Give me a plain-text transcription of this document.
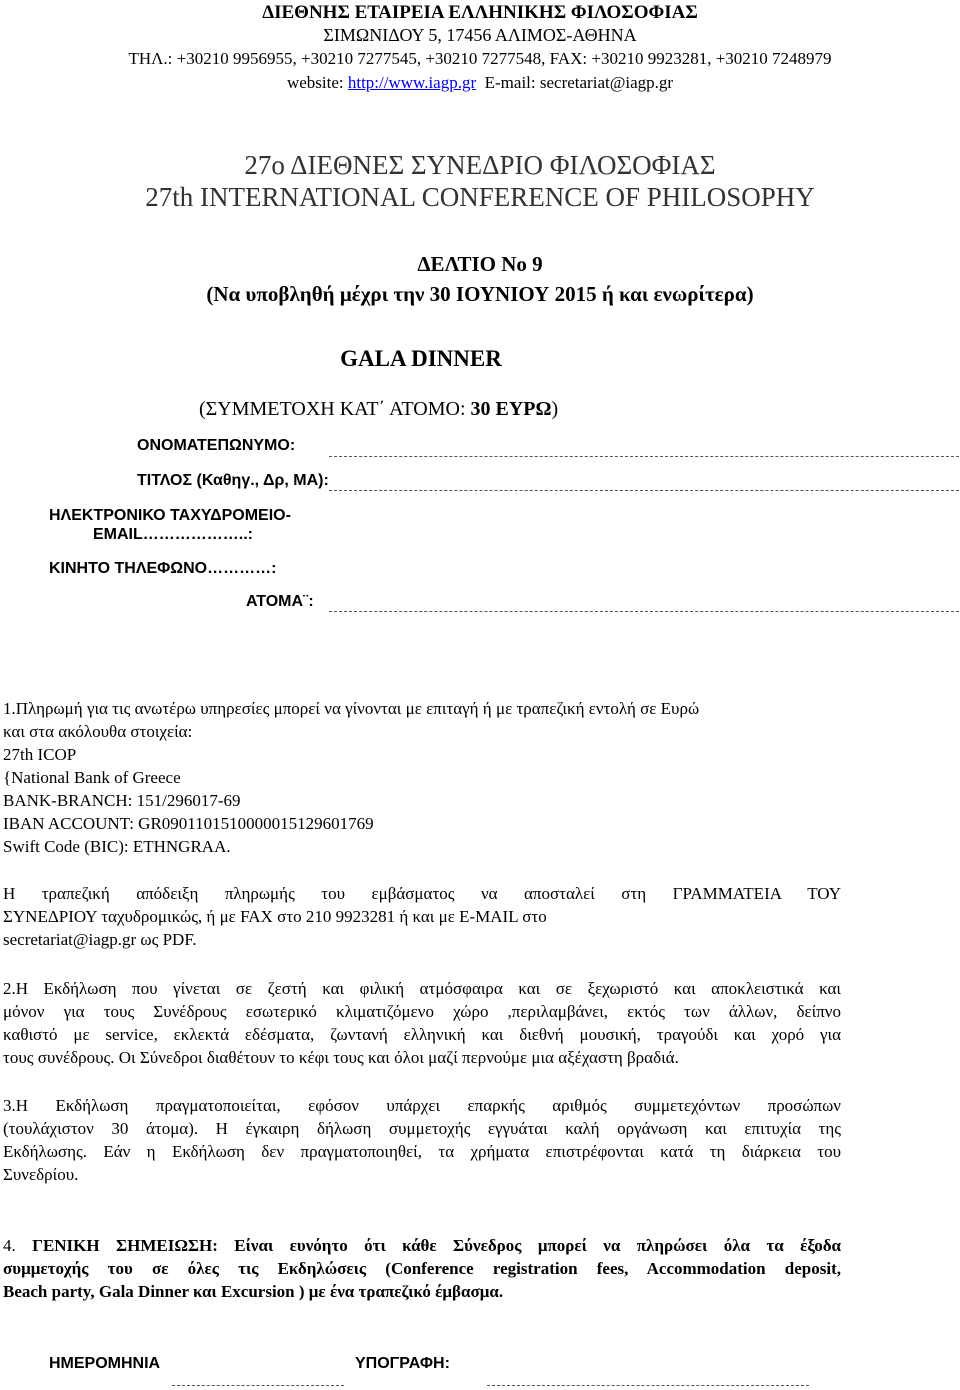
ΔΙΕΘΝΗΣ ΕΤΑΙΡΕΙΑ ΕΛΛΗΝΙΚΗΣ ΦΙΛΟΣΟΦΙΑΣ
ΣΙΜΩΝΙΔΟΥ 5, 17456 ΑΛΙΜΟΣ-ΑΘΗΝΑ
ΤΗΛ.: +30210 9956955, +30210 7277545, +30210 7277548, FAX: +30210 9923281, +30210 7248979
website: http://www.iagp.gr E-mail: secretariat@iagp.gr
27ο ΔΙΕΘΝΕΣ ΣΥΝΕΔΡΙΟ ΦΙΛΟΣΟΦΙΑΣ
27th INTERNATIONAL CONFERENCE OF PHILOSOPHY
ΔΕΛΤΙΟ No 9
(Να υποβληθή μέχρι την 30 ΙΟΥΝΙΟΥ 2015 ή και ενωρίτερα)
GALA DINNER
(ΣΥΜΜΕΤΟΧΗ ΚΑΤ΄ ΑΤΟΜΟ: 30 ΕΥΡΩ)
ΟΝΟΜΑΤΕΠΩΝΥΜΟ:
ΤΙΤΛΟΣ (Καθηγ., Δρ, ΜΑ):
ΗΛΕΚΤΡΟΝΙΚΟ ΤΑΧΥΔΡΟΜΕΙΟ-
EMAIL………………..:
ΚΙΝΗΤΟ ΤΗΛΕΦΩΝΟ…………:
ΑΤΟΜΑ¨:
1.Πληρωμή για τις ανωτέρω υπηρεσίες μπορεί να γίνονται με επιταγή ή με τραπεζική εντολή σε Ευρώ
και στα ακόλουθα στοιχεία:
27th ICOP
{National Bank of Greece
BANK-BRANCH: 151/296017-69
IBAN ACCOUNT: GR0901101510000015129601769
Swift Code (BIC): ETHNGRAA.
Η τραπεζική απόδειξη πληρωμής του εμβάσματος να αποσταλεί στη ΓΡΑΜΜΑΤΕΙΑ ΤΟΥ
ΣΥΝΕΔΡΙΟΥ ταχυδρομικώς, ή με FAX στο 210 9923281 ή και με E-MAIL στο
secretariat@iagp.gr ως PDF.
2.Η Εκδήλωση που γίνεται σε ζεστή και φιλική ατμόσφαιρα και σε ξεχωριστό και αποκλειστικά και
μόνον για τους Συνέδρους εσωτερικό κλιματιζόμενο χώρο ,περιλαμβάνει, εκτός των άλλων, δείπνο
καθιστό με service, εκλεκτά εδέσματα, ζωντανή ελληνική και διεθνή μουσική, τραγούδι και χορό για
τους συνέδρους. Οι Σύνεδροι διαθέτουν το κέφι τους και όλοι μαζί περνούμε μια αξέχαστη βραδιά.
3.Η Εκδήλωση πραγματοποιείται, εφόσον υπάρχει επαρκής αριθμός συμμετεχόντων προσώπων
(τουλάχιστον 30 άτομα). Η έγκαιρη δήλωση συμμετοχής εγγυάται καλή οργάνωση και επιτυχία της
Εκδήλωσης. Εάν η Εκδήλωση δεν πραγματοποιηθεί, τα χρήματα επιστρέφονται κατά τη διάρκεια του
Συνεδρίου.
4. ΓΕΝΙΚΗ ΣΗΜΕΙΩΣΗ: Είναι ευνόητο ότι κάθε Σύνεδρος μπορεί να πληρώσει όλα τα έξοδα
συμμετοχής του σε όλες τις Εκδηλώσεις (Conference registration fees, Accommodation deposit,
Beach party, Gala Dinner και Excursion ) με ένα τραπεζικό έμβασμα.
ΗΜΕΡΟΜΗΝΙΑ	ΥΠΟΓΡΑΦΗ:
